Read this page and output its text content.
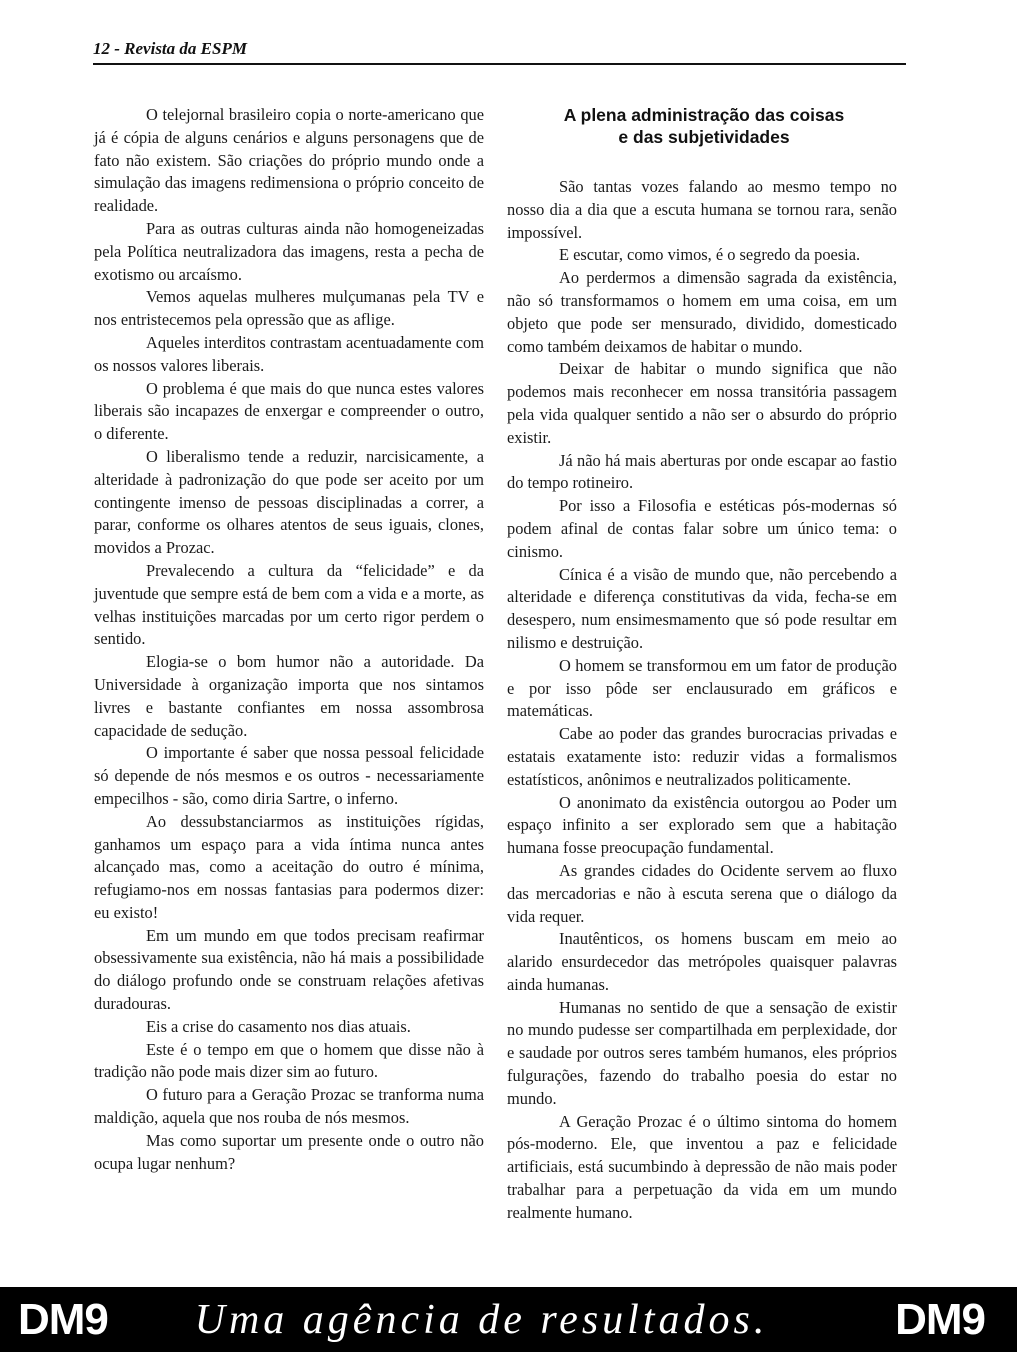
12 - Revista da ESPM

O telejornal brasileiro copia o norte-americano que já é cópia de alguns cenários e alguns personagens que de fato não existem. São criações do próprio mundo onde a simulação das imagens redimensiona o próprio conceito de realidade.

Para as outras culturas ainda não homogeneizadas pela Política neutralizadora das imagens, resta a pecha de exotismo ou arcaísmo.

Vemos aquelas mulheres mulçumanas pela TV e nos entristecemos pela opressão que as aflige.

Aqueles interditos contrastam acentuadamente com os nossos valores liberais.

O problema é que mais do que nunca estes valores liberais são incapazes de enxergar e compreender o outro, o diferente.

O liberalismo tende a reduzir, narcisicamente, a alteridade à padronização do que pode ser aceito por um contingente imenso de pessoas disciplinadas a correr, a parar, conforme os olhares atentos de seus iguais, clones, movidos a Prozac.

Prevalecendo a cultura da “felicidade” e da juventude que sempre está de bem com a vida e a morte, as velhas instituições marcadas por um certo rigor perdem o sentido.

Elogia-se o bom humor não a autoridade. Da Universidade à organização importa que nos sintamos livres e bastante confiantes em nossa assombrosa capacidade de sedução.

O importante é saber que nossa pessoal felicidade só depende de nós mesmos e os outros - necessariamente empecilhos - são, como diria Sartre, o inferno.

Ao dessubstanciarmos as instituições rígidas, ganhamos um espaço para a vida íntima nunca antes alcançado mas, como a aceitação do outro é mínima, refugiamo-nos em nossas fantasias para podermos dizer: eu existo!

Em um mundo em que todos precisam reafirmar obsessivamente sua existência, não há mais a possibilidade do diálogo profundo onde se construam relações afetivas duradouras.

Eis a crise do casamento nos dias atuais.

Este é o tempo em que o homem que disse não à tradição não pode mais dizer sim ao futuro.

O futuro para a Geração Prozac se tranforma numa maldição, aquela que nos rouba de nós mesmos.

Mas como suportar um presente onde o outro não ocupa lugar nenhum?

A plena administração das coisas
e das subjetividades

São tantas vozes falando ao mesmo tempo no nosso dia a dia que a escuta humana se tornou rara, senão impossível.

E escutar, como vimos, é o segredo da poesia.

Ao perdermos a dimensão sagrada da existência, não só transformamos o homem em uma coisa, em um objeto que pode ser mensurado, dividido, domesticado como também deixamos de habitar o mundo.

Deixar de habitar o mundo significa que não podemos mais reconhecer em nossa transitória passagem pela vida qualquer sentido a não ser o absurdo do próprio existir.

Já não há mais aberturas por onde escapar ao fastio do tempo rotineiro.

Por isso a Filosofia e estéticas pós-modernas só podem afinal de contas falar sobre um único tema: o cinismo.

Cínica é a visão de mundo que, não percebendo a alteridade e diferença constitutivas da vida, fecha-se em desespero, num ensimesmamento que só pode resultar em nilismo e destruição.

O homem se transformou em um fator de produção e por isso pôde ser enclausurado em gráficos e matemáticas.

Cabe ao poder das grandes burocracias privadas e estatais exatamente isto: reduzir vidas a formalismos estatísticos, anônimos e neutralizados politicamente.

O anonimato da existência outorgou ao Poder um espaço infinito a ser explorado sem que a habitação humana fosse preocupação fundamental.

As grandes cidades do Ocidente servem ao fluxo das mercadorias e não à escuta serena que o diálogo da vida requer.

Inautênticos, os homens buscam em meio ao alarido ensurdecedor das metrópoles quaisquer palavras ainda humanas.

Humanas no sentido de que a sensação de existir no mundo pudesse ser compartilhada em perplexidade, dor e saudade por outros seres também humanos, eles próprios fulgurações, fazendo do trabalho poesia do estar no mundo.

A Geração Prozac é o último sintoma do homem pós-moderno. Ele, que inventou a paz e felicidade artificiais, está sucumbindo à depressão de não mais poder trabalhar para a perpetuação da vida em um mundo realmente humano.

DM9 Uma agência de resultados.	DM9
